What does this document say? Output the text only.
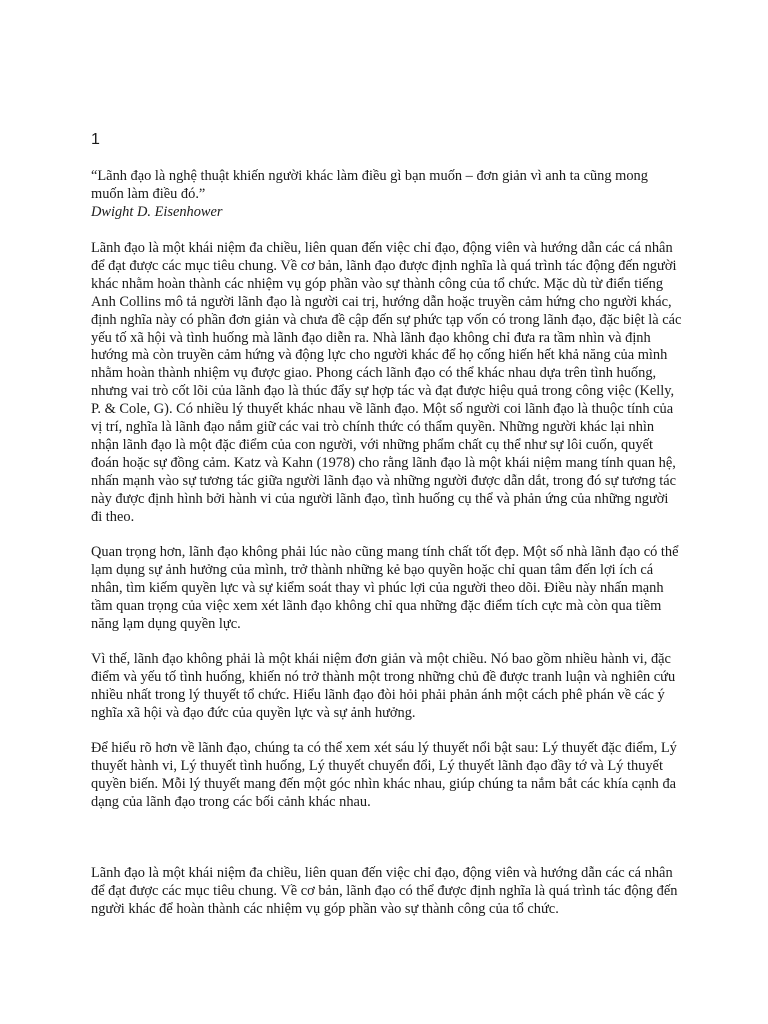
1

“Lãnh đạo là nghệ thuật khiến người khác làm điều gì bạn muốn – đơn giản vì anh ta cũng mong muốn làm điều đó.”

Dwight D. Eisenhower

Lãnh đạo là một khái niệm đa chiều, liên quan đến việc chỉ đạo, động viên và hướng dẫn các cá nhân để đạt được các mục tiêu chung. Về cơ bản, lãnh đạo được định nghĩa là quá trình tác động đến người khác nhằm hoàn thành các nhiệm vụ góp phần vào sự thành công của tổ chức. Mặc dù từ điển tiếng Anh Collins mô tả người lãnh đạo là người cai trị, hướng dẫn hoặc truyền cảm hứng cho người khác, định nghĩa này có phần đơn giản và chưa đề cập đến sự phức tạp vốn có trong lãnh đạo, đặc biệt là các yếu tố xã hội và tình huống mà lãnh đạo diễn ra. Nhà lãnh đạo không chỉ đưa ra tầm nhìn và định hướng mà còn truyền cảm hứng và động lực cho người khác để họ cống hiến hết khả năng của mình nhằm hoàn thành nhiệm vụ được giao. Phong cách lãnh đạo có thể khác nhau dựa trên tình huống, nhưng vai trò cốt lõi của lãnh đạo là thúc đẩy sự hợp tác và đạt được hiệu quả trong công việc (Kelly, P. & Cole, G). Có nhiều lý thuyết khác nhau về lãnh đạo. Một số người coi lãnh đạo là thuộc tính của vị trí, nghĩa là lãnh đạo nắm giữ các vai trò chính thức có thẩm quyền. Những người khác lại nhìn nhận lãnh đạo là một đặc điểm của con người, với những phẩm chất cụ thể như sự lôi cuốn, quyết đoán hoặc sự đồng cảm. Katz và Kahn (1978) cho rằng lãnh đạo là một khái niệm mang tính quan hệ, nhấn mạnh vào sự tương tác giữa người lãnh đạo và những người được dẫn dắt, trong đó sự tương tác này được định hình bởi hành vi của người lãnh đạo, tình huống cụ thể và phản ứng của những người đi theo.

Quan trọng hơn, lãnh đạo không phải lúc nào cũng mang tính chất tốt đẹp. Một số nhà lãnh đạo có thể lạm dụng sự ảnh hưởng của mình, trở thành những kẻ bạo quyền hoặc chỉ quan tâm đến lợi ích cá nhân, tìm kiếm quyền lực và sự kiểm soát thay vì phúc lợi của người theo dõi. Điều này nhấn mạnh tầm quan trọng của việc xem xét lãnh đạo không chỉ qua những đặc điểm tích cực mà còn qua tiềm năng lạm dụng quyền lực.

Vì thế, lãnh đạo không phải là một khái niệm đơn giản và một chiều. Nó bao gồm nhiều hành vi, đặc điểm và yếu tố tình huống, khiến nó trở thành một trong những chủ đề được tranh luận và nghiên cứu nhiều nhất trong lý thuyết tổ chức. Hiểu lãnh đạo đòi hỏi phải phản ánh một cách phê phán về các ý nghĩa xã hội và đạo đức của quyền lực và sự ảnh hưởng.

Để hiểu rõ hơn về lãnh đạo, chúng ta có thể xem xét sáu lý thuyết nổi bật sau: Lý thuyết đặc điểm, Lý thuyết hành vi, Lý thuyết tình huống, Lý thuyết chuyển đổi, Lý thuyết lãnh đạo đầy tớ và Lý thuyết quyền biến. Mỗi lý thuyết mang đến một góc nhìn khác nhau, giúp chúng ta nắm bắt các khía cạnh đa dạng của lãnh đạo trong các bối cảnh khác nhau.

Lãnh đạo là một khái niệm đa chiều, liên quan đến việc chỉ đạo, động viên và hướng dẫn các cá nhân để đạt được các mục tiêu chung. Về cơ bản, lãnh đạo có thể được định nghĩa là quá trình tác động đến người khác để hoàn thành các nhiệm vụ góp phần vào sự thành công của tổ chức.
